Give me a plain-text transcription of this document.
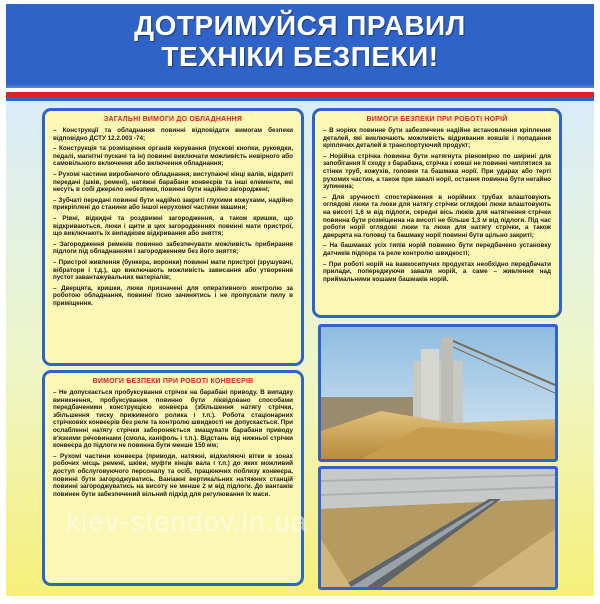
ДОТРИМУЙСЯ ПРАВИЛ
ТЕХНІКИ БЕЗПЕКИ!
ЗАГАЛЬНІ ВИМОГИ ДО ОБЛАДНАННЯ

– Конструкції та обладнання повинні відповідати вимогам безпеки відповідно ДСТУ 12.2.003 -74;

– Конструкція та розміщення органів керування (пускові кнопки, рукоядки, педалі, магнітні пускачі та ін) повинні виключати можливість невірного або самовільного включення або включення обладнання;

– Рухомі частини виробничого обладнання, виступаючі кінці валів, відкриті передачі (шків, ремені), натяжні барабани конвеєрів та інші елементи, які несуть в собі джерело небезпеки, повинні бути надійно загороджені;

– Зубчаті передачі повинні бути надійно закриті глухими кожухами, надійно прикріплені до станини або іншої нерухомої частини машини;

– Рівні, відкидні та роздвижні загородження, а також кришки, що відкриваються, люки і щити в цих загородженнях повинні мати пристрої, що виключають їх випадкове відкривання або зняття;

– Загородження ременів повинно забезпечувати можливість прибирання підлоги під обладнанням і загородженням без його зняття;

– Пристрої живлення (бункера, воронки) повинні мати пристрої (зрушувачі, вібратори і т.д.), що виключають можливість зависання або утворення пустот завантажувальних матеріалів;

– Дверцята, кришки, люки призначені для оперативного контролю за роботою обладнання, повинні тісно зачинятись і не пропускати пилу в приміщення.

ВИМОГИ БЕЗПЕКИ ПРИ РОБОТІ КОНВЕЄРІВ

– Не допускається пробуксування стрічок на барабані приводу. В випадку виникнення, пробуксування повинно бути ліквідовано способами передбаченими конструкцією конвеєра (збільшення натягу стрічки, збільшення тиску прижимного ролика і т.п.). Робота стаціонарних стрічкових конвеєрів без реле та контролю швидкості не допускається. При ослабленні натягу стрічки забороняється змащувати барабани приводу в'язкими речовинами (смола, каніфоль і т.п.). Відстань від нижньої стрічки конвеєра до підлоги не повинна бути менше 150 мм;

– Рухомі частини конвеєра (приводи, натяжні, відхиляючі вітки в зонах робочих місць ремені, шківи, муфти кінців вала і т.п.) до яких можливий доступ обслуговуючого персоналу та осіб, працюючих поблизу конвеєра, повинні бути загороджуватись. Ваніажні вертикальних натяжних станцій повинні загороджуватись на висоту не менше 2 м від підлоги. До вантажів повинен бути забезпечений вільний підхід для регулювання їх маси.

ВИМОГИ БЕЗПЕКИ ПРИ РОБОТІ НОРІЙ

– В норіях повинне бути забезпечене надійне встановлення кріплення деталей, які виключають можливість відривання ковшів і попадання кріплячих деталей в транспортуючий продукт;

– Норійна стрічка повинна бути натягнута рівномірно по ширині для запобігання її сходу з барабана, стрічка і ковші не повинні чиплятися за стінки труб, кожухів, головки та башмака норії. При ударах або терті рухомих частин, а також при завалі норії, остання повинна бути негайно зупинена;

– Для зручності спостереження в норійних трубах влаштовують оглядові люки та люки для натягу стрічки оглядові люки влаштовують на висоті 1,6 м від підлоги, середні вісь люків для натягнення стрічки повинна бути розміщенна на висоті не більше 1,3 м від підлоги. Під час роботи норії оглядові люки та люки для натягу стрічки, а також дверцята на головці та башмаку норії повинні бути щільно закриті;

– На башмаках усіх типів норій повинно бути передбачено установку датчиків підпора та реле контролю швидкості;

– При роботі норій на важкосипучих продуктах необхідно передбачати прилади, попереджуючи завали норій, а саме – живлення над приймальними кошами башмаків норій.

kiev-stendov.in.ua
